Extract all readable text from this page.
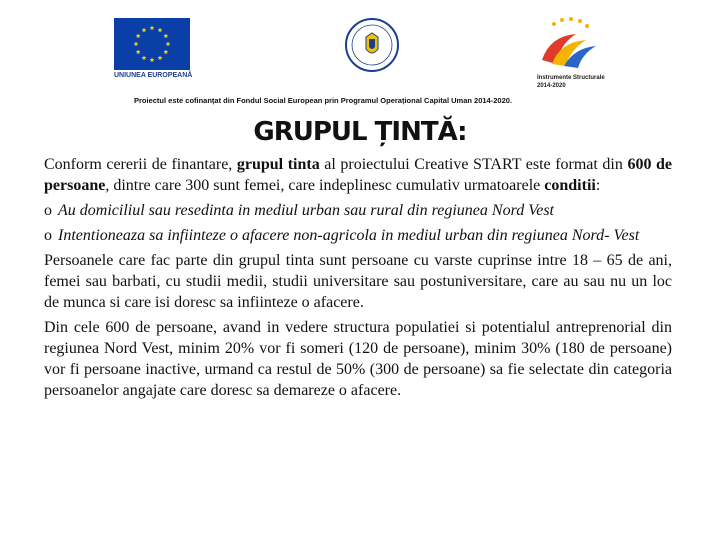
UNIUNEA EUROPEANĂ	Instrumente Structurale
2014-2020
Proiectul este cofinanțat din Fondul Social European prin Programul Operațional Capital Uman 2014-2020.
GRUPUL ȚINTĂ:

Conform cererii de finantare, grupul tinta al proiectului Creative START este format din 600 de persoane, dintre care 300 sunt femei, care indeplinesc cumulativ urmatoarele conditii:

o Au domiciliul sau resedinta in mediul urban sau rural din regiunea Nord Vest

o Intentioneaza sa infiinteze o afacere non-agricola in mediul urban din regiunea Nord- Vest

Persoanele care fac parte din grupul tinta sunt persoane cu varste cuprinse intre 18 – 65 de ani, femei sau barbati, cu studii medii, studii universitare sau postuniversitare, care au sau nu un loc de munca si care isi doresc sa infiinteze o afacere.

Din cele 600 de persoane, avand in vedere structura populatiei si potentialul antreprenorial din regiunea Nord Vest, minim 20% vor fi someri (120 de persoane), minim 30% (180 de persoane) vor fi persoane inactive, urmand ca restul de 50% (300 de persoane) sa fie selectate din categoria persoanelor angajate care doresc sa demareze o afacere.
